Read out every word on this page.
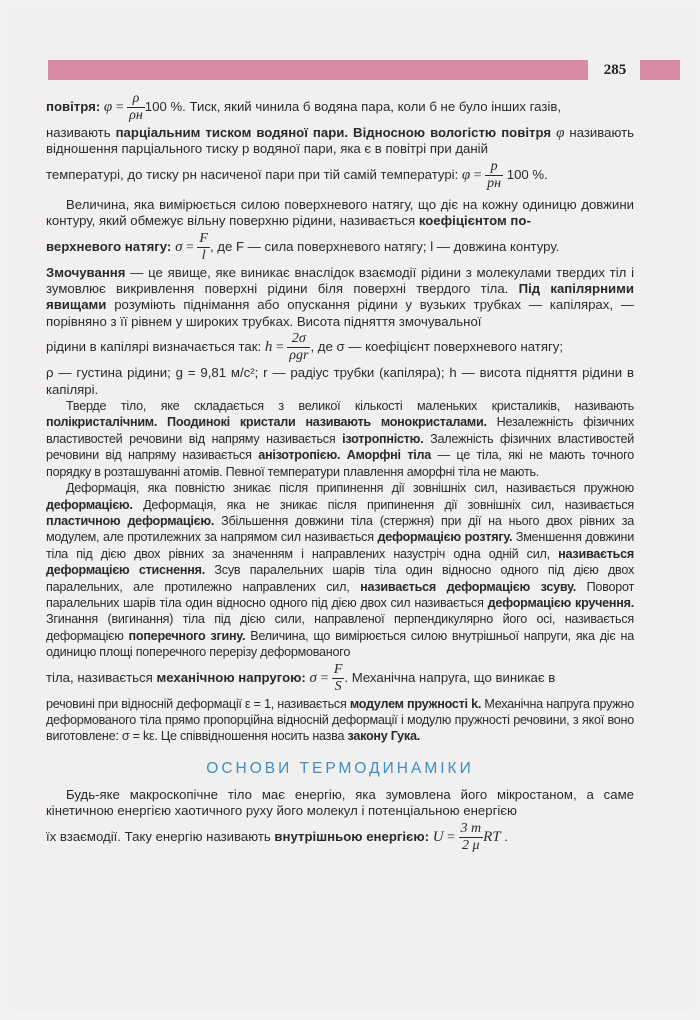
285
повітря: $\varphi = \frac{\rho}{\rho н} 100$ %. Тиск, який чинила б водяна пара, коли б не було інших газів,

називають парціальним тиском водяної пари. Відносною вологістю повітря φ називають відношення парціального тиску p водяної пари, яка є в повітрі при даній

температурі, до тиску pн насиченої пари при тій самій температурі: $\varphi = \frac{p}{pн} 100$ %.

Величина, яка вимірюється силою поверхневого натягу, що діє на кожну одиницю довжини контуру, який обмежує вільну поверхню рідини, називається коефіцієнтом по-

верхневого натягу: $\sigma = \frac{F}{l}$ , де F — сила поверхневого натягу; l — довжина контуру.

Змочування — це явище, яке виникає внаслідок взаємодії рідини з молекулами твердих тіл і зумовлює викривлення поверхні рідини біля поверхні твердого тіла. Під капілярними явищами розуміють піднімання або опускання рідини у вузьких трубках — капілярах, — порівняно з її рівнем у широких трубках. Висота підняття змочувальної

рідини в капілярі визначається так: $h = \frac{2\sigma}{\text{ρgr}}$ , де σ — коефіцієнт поверхневого натягу;

ρ — густина рідини; g = 9,81 м/с²; r — радіус трубки (капіляра); h — висота підняття рідини в капілярі.

Тверде тіло, яке складається з великої кількості маленьких кристаликів, називають полікристалічним. Поодинокі кристали називають монокристалами. Незалежність фізичних властивостей речовини від напряму називається ізотропністю. Залежність фізичних властивостей речовини від напряму називається анізотропією. Аморфні тіла — це тіла, які не мають точного порядку в розташуванні атомів. Певної температури плавлення аморфні тіла не мають.

Деформація, яка повністю зникає після припинення дії зовнішніх сил, називається пружною деформацією. Деформація, яка не зникає після припинення дії зовнішніх сил, називається пластичною деформацією. Збільшення довжини тіла (стержня) при дії на нього двох рівних за модулем, але протилежних за напрямом сил називається деформацією розтягу. Зменшення довжини тіла під дією двох рівних за значенням і направлених назустріч одна одній сил, називається деформацією стиснення. Зсув паралельних шарів тіла один відносно одного під дією двох паралельних, але протилежно направлених сил, називається деформацією зсуву. Поворот паралельних шарів тіла один відносно одного під дією двох сил називається деформацією кручення. Згинання (вигинання) тіла під дією сили, направленої перпендикулярно його осі, називається деформацією поперечного згину. Величина, що вимірюється силою внутрішньої напруги, яка діє на одиницю площі поперечного перерізу деформованого

тіла, називається механічною напругою: $\sigma = \frac{F}{S}$ . Механічна напруга, що виникає в

речовині при відносній деформації ε = 1, називається модулем пружності k. Механічна напруга пружно деформованого тіла прямо пропорційна відносній деформації і модулю пружності речовини, з якої воно виготовлене: σ = kε. Це співвідношення носить назва закону Гука.

ОСНОВИ ТЕРМОДИНАМІКИ

Будь-яке макроскопічне тіло має енергію, яка зумовлена його мікростаном, а саме кінетичною енергією хаотичного руху його молекул і потенціальною енергією

їх взаємодії. Таку енергію називають внутрішньою енергією: $U = \frac{3 m}{2 \mu}$ RT .
